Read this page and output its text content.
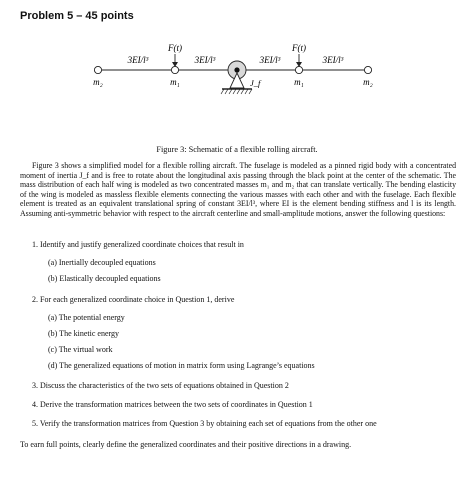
Problem 5 – 45 points
F(t)	F(t)
3EI/l³	3EI/l³	3EI/l³	3EI/l³
m₂	m₁	m₁	m₂
J_f
Figure 3: Schematic of a flexible rolling aircraft.

Figure 3 shows a simplified model for a flexible rolling aircraft. The fuselage is modeled as a pinned rigid body with a concentrated moment of inertia J_f and is free to rotate about the longitudinal axis passing through the black point at the center of the schematic. The mass distribution of each half wing is modeled as two concentrated masses m₁ and m₂ that can translate vertically. The bending elasticity of the wing is modeled as massless flexible elements connecting the various masses with each other and with the fuselage. Each flexible element is treated as an equivalent translational spring of constant 3EI/l³, where EI is the element bending stiffness and l is its length. Assuming anti-symmetric behavior with respect to the aircraft centerline and small-amplitude motions, answer the following questions:

1. Identify and justify generalized coordinate choices that result in
(a) Inertially decoupled equations
(b) Elastically decoupled equations
2. For each generalized coordinate choice in Question 1, derive
(a) The potential energy
(b) The kinetic energy
(c) The virtual work
(d) The generalized equations of motion in matrix form using Lagrange’s equations
3. Discuss the characteristics of the two sets of equations obtained in Question 2
4. Derive the transformation matrices between the two sets of coordinates in Question 1
5. Verify the transformation matrices from Question 3 by obtaining each set of equations from the other one
To earn full points, clearly define the generalized coordinates and their positive directions in a drawing.
